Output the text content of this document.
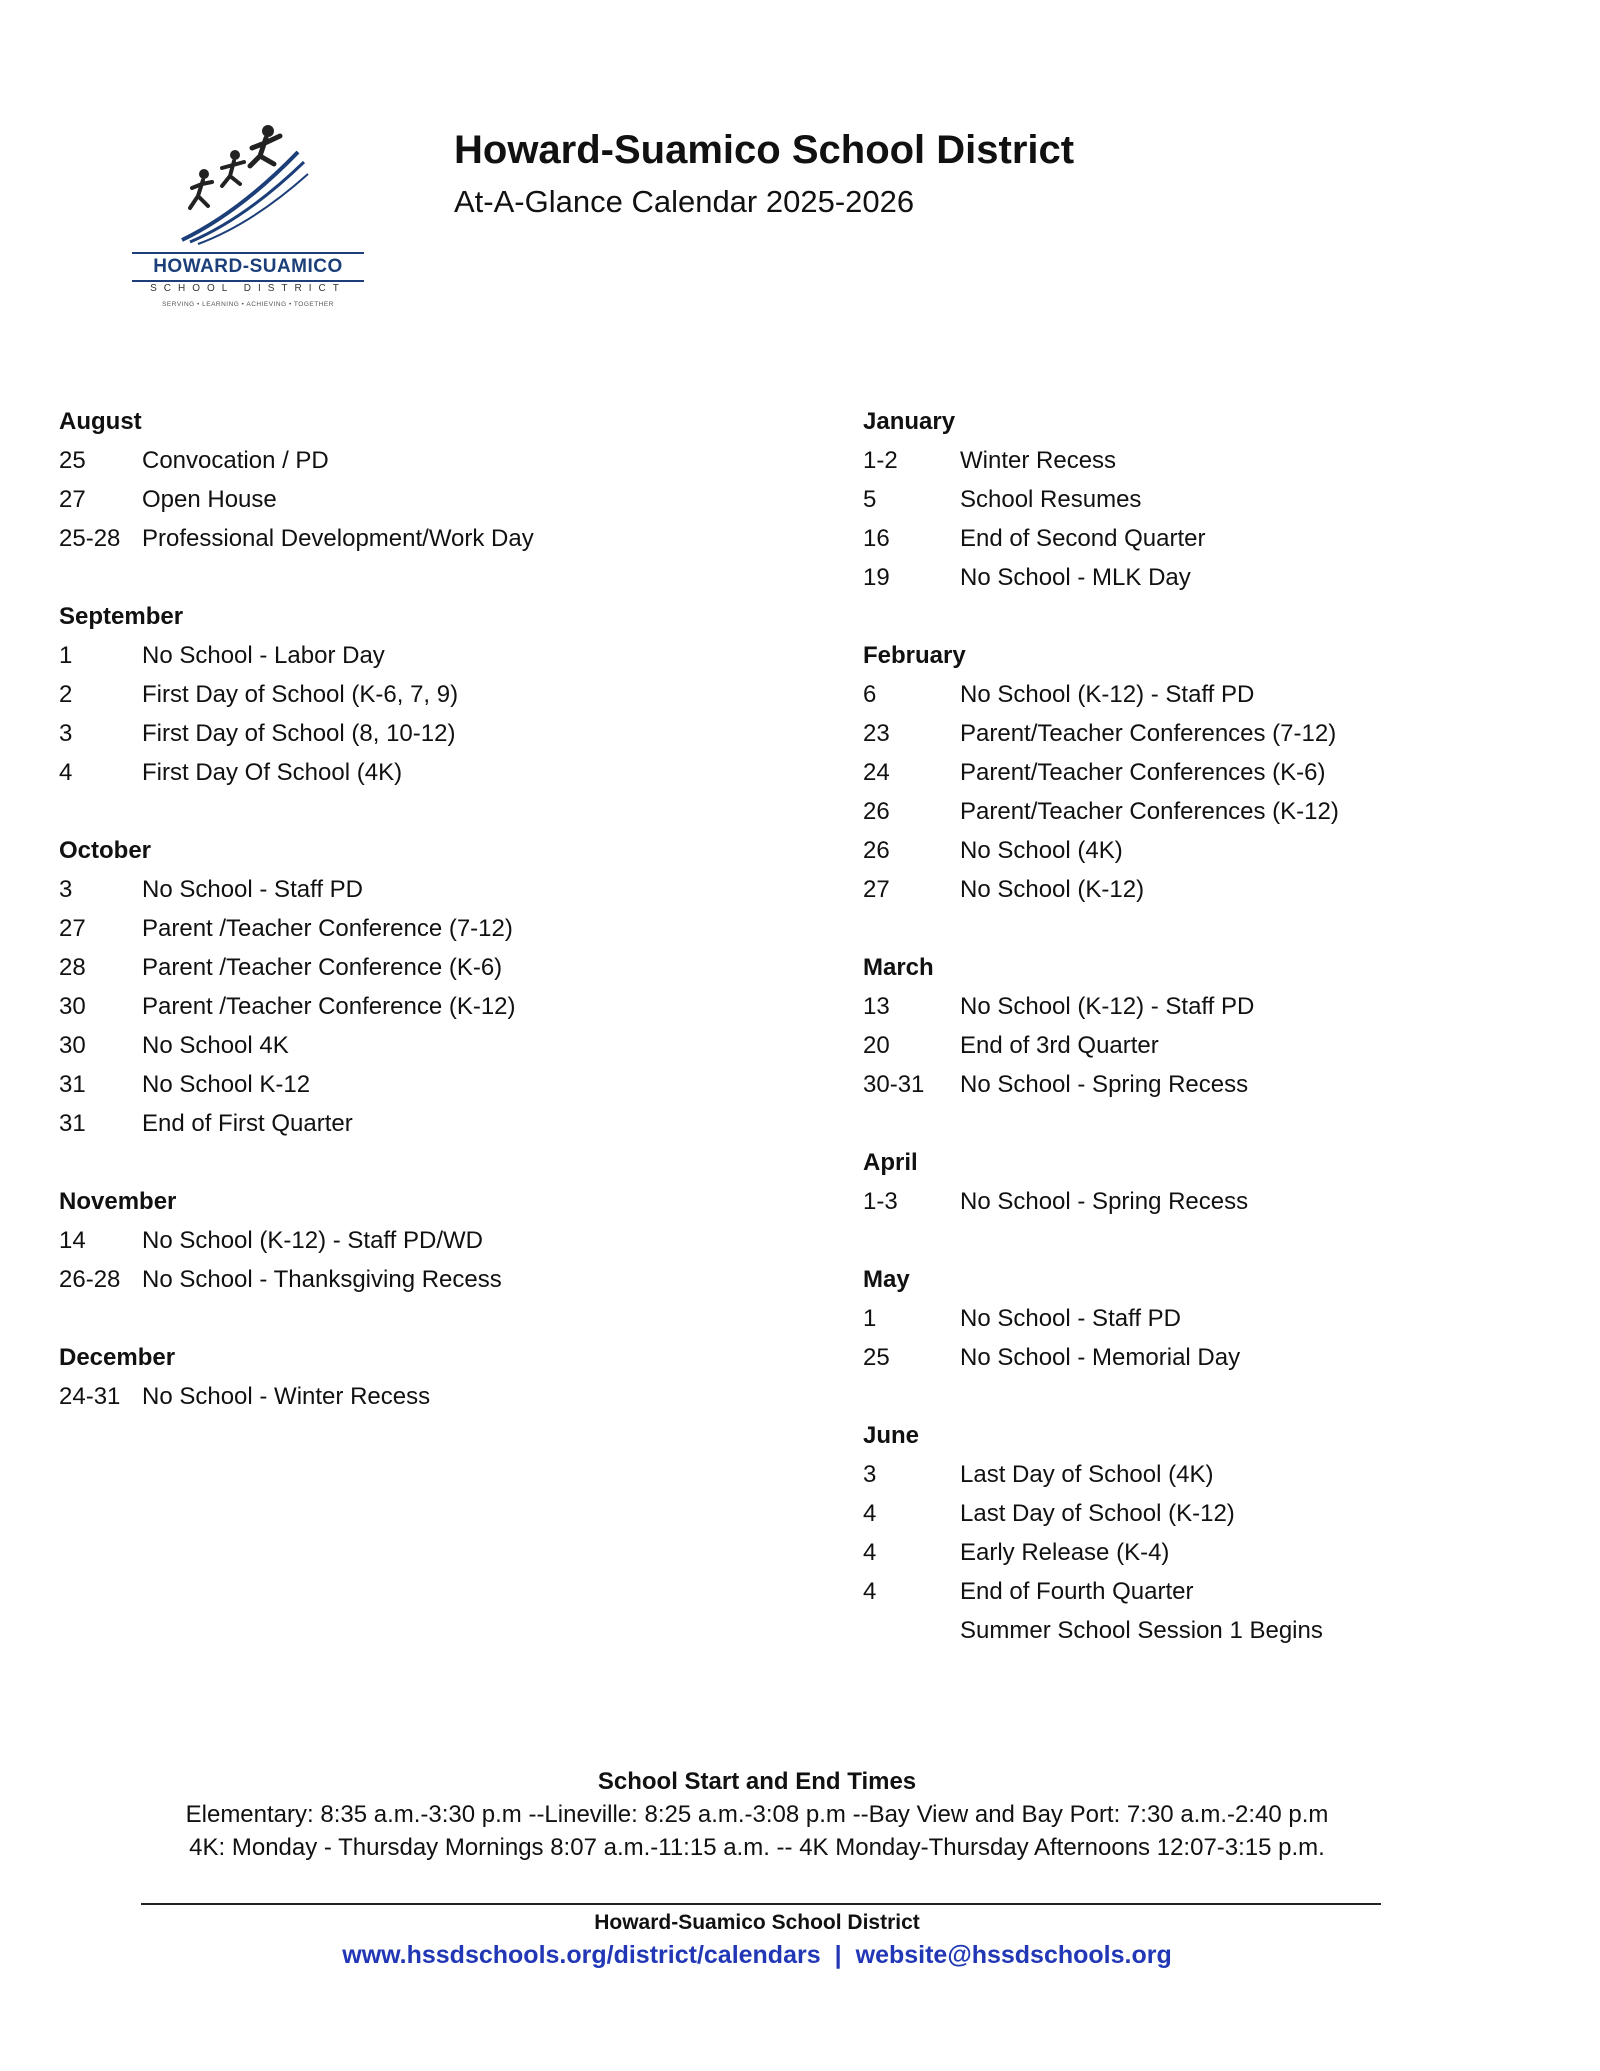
HOWARD-SUAMICO
SCHOOL DISTRICT
SERVING • LEARNING • ACHIEVING • TOGETHER
Howard-Suamico School District
At-A-Glance Calendar 2025-2026
August
25	Convocation / PD
27	Open House
25-28 Professional Development/Work Day
September
1	No School - Labor Day
2	First Day of School (K-6, 7, 9)
3	First Day of School (8, 10-12)
4	First Day Of School (4K)
October
3	No School - Staff PD
27	Parent /Teacher Conference (7-12)
28	Parent /Teacher Conference (K-6)
30	Parent /Teacher Conference (K-12)
30	No School 4K
31	No School K-12
31	End of First Quarter
November
14	No School (K-12) - Staff PD/WD
26-28 No School - Thanksgiving Recess
December
24-31 No School - Winter Recess
January
1-2	Winter Recess
5	School Resumes
16	End of Second Quarter
19	No School - MLK Day
February
6	No School (K-12) - Staff PD
23	Parent/Teacher Conferences (7-12)
24	Parent/Teacher Conferences (K-6)
26	Parent/Teacher Conferences (K-12)
26	No School (4K)
27	No School (K-12)
March
13	No School (K-12) - Staff PD
20	End of 3rd Quarter
30-31	No School - Spring Recess
April
1-3	No School - Spring Recess
May
1	No School - Staff PD
25	No School - Memorial Day
June
3	Last Day of School (4K)
4	Last Day of School (K-12)
4	Early Release (K-4)
4	End of Fourth Quarter
Summer School Session 1 Begins
School Start and End Times
Elementary: 8:35 a.m.-3:30 p.m --Lineville: 8:25 a.m.-3:08 p.m --Bay View and Bay Port: 7:30 a.m.-2:40 p.m
4K: Monday - Thursday Mornings 8:07 a.m.-11:15 a.m. -- 4K Monday-Thursday Afternoons 12:07-3:15 p.m.
Howard-Suamico School District
www.hssdschools.org/district/calendars | website@hssdschools.org
